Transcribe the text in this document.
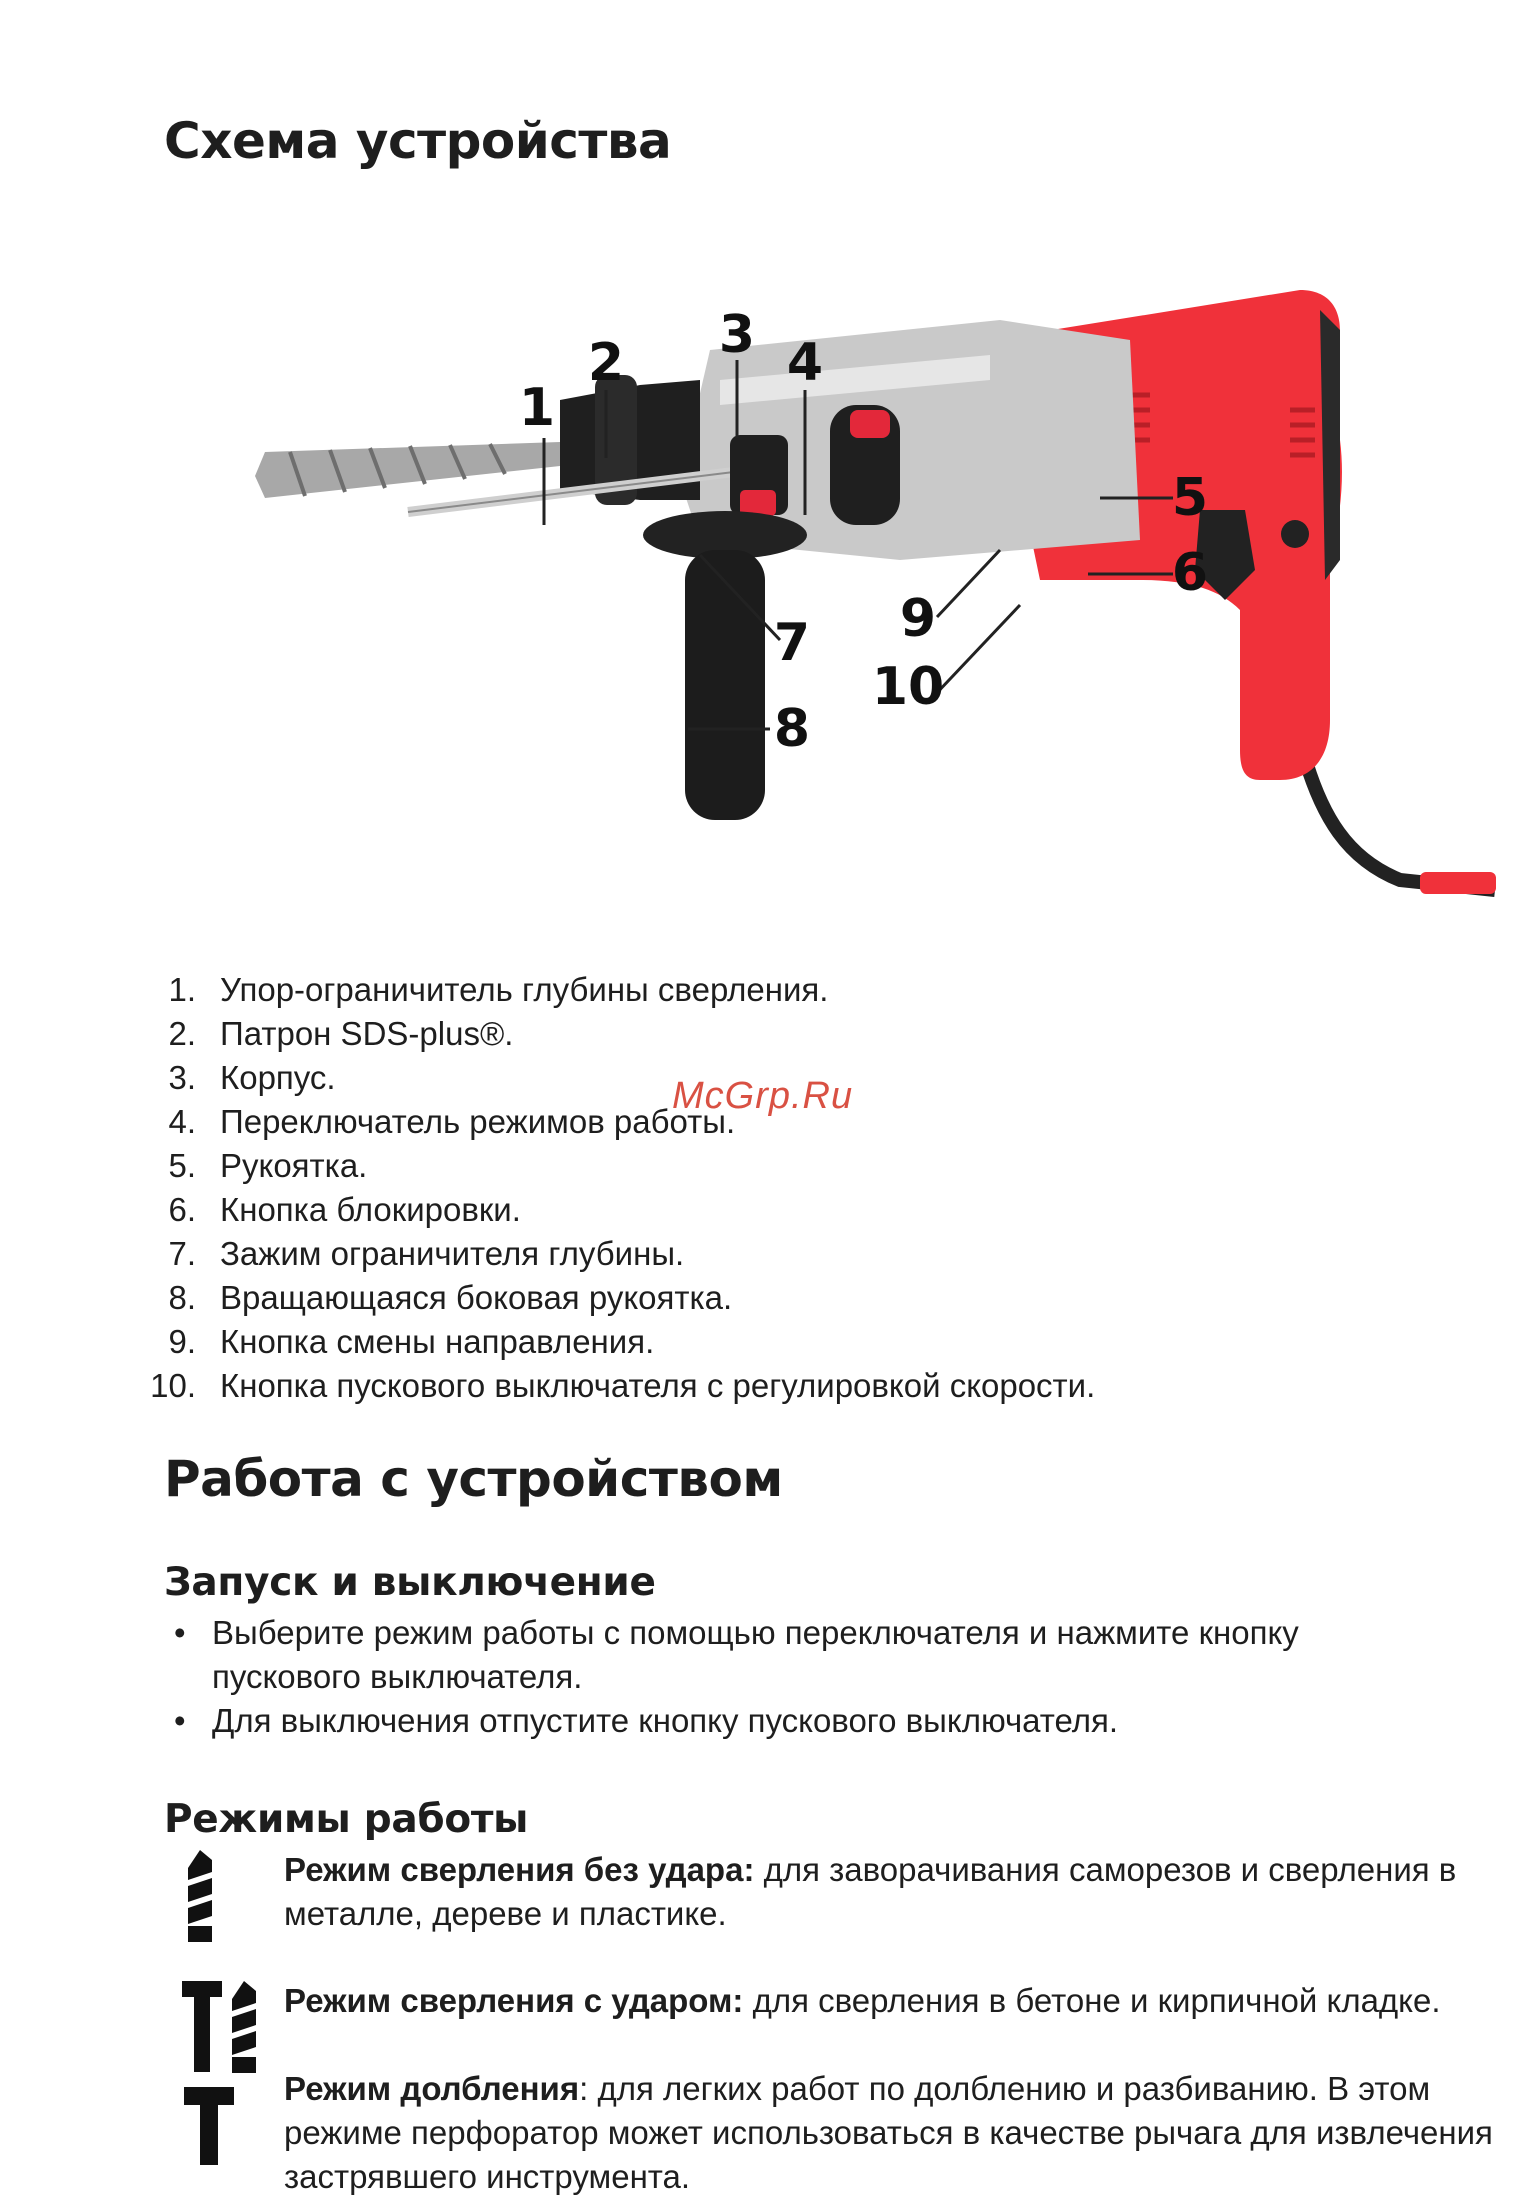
Схема устройства
1
2 3 4
5
6
7
8
9
10
1. Упор-ограничитель глубины сверления.
2. Патрон SDS-plus®.
3. Корпус.
4. Переключатель режимов работы.
5. Рукоятка.
6. Кнопка блокировки.
7. Зажим ограничителя глубины.
8. Вращающаяся боковая рукоятка.
9. Кнопка смены направления.
10. Кнопка пускового выключателя с регулировкой скорости.
McGrp.Ru
Работа с устройством
Запуск и выключение
• Выберите режим работы с помощью переключателя и нажмите кнопку пускового выключателя.
• Для выключения отпустите кнопку пускового выключателя.
Режимы работы
Режим сверления без удара: для заворачивания саморезов и сверления в металле, дереве и пластике.
Режим сверления с ударом: для сверления в бетоне и кирпичной кладке.
Режим долбления: для легких работ по долблению и разбиванию. В этом режиме перфоратор может использоваться в качестве рычага для извлечения застрявшего инструмента.
